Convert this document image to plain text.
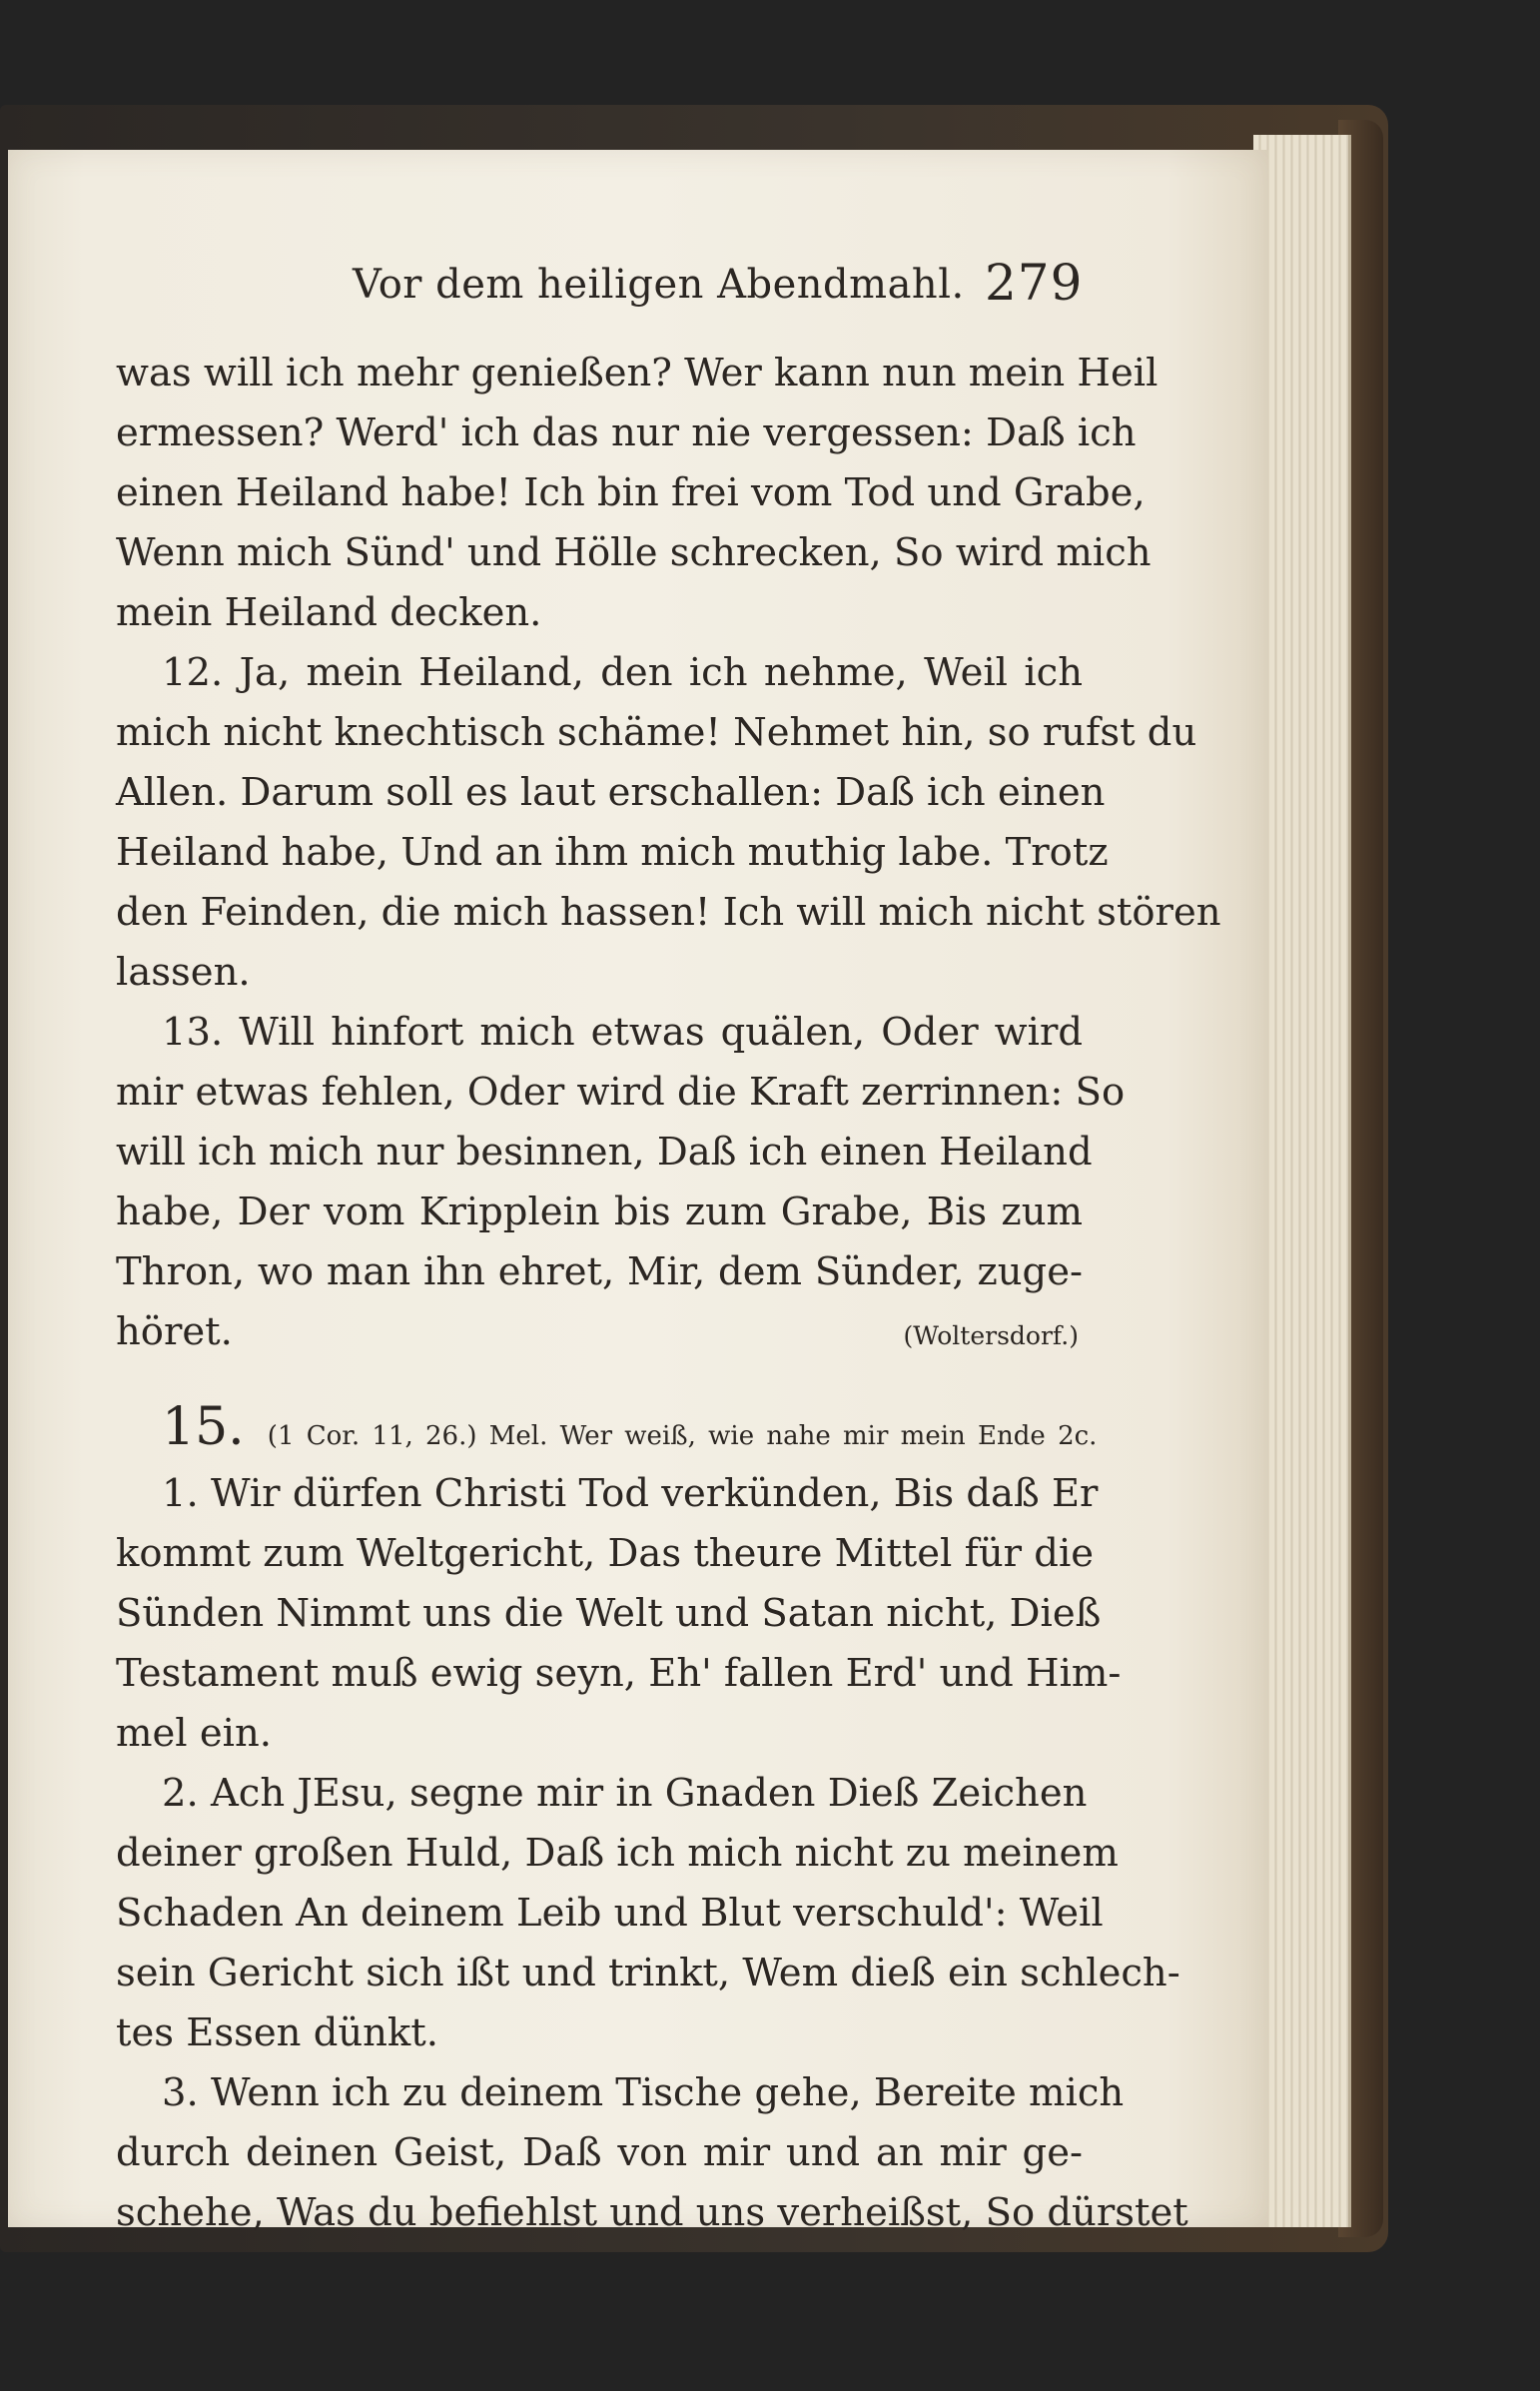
Vor dem heiligen Abendmahl. 279
was will ich mehr genießen? Wer kann nun mein Heil
ermessen? Werd' ich das nur nie vergessen: Daß ich
einen Heiland habe! Ich bin frei vom Tod und Grabe,
Wenn mich Sünd' und Hölle schrecken, So wird mich
mein Heiland decken.
12. Ja, mein Heiland, den ich nehme, Weil ich
mich nicht knechtisch schäme! Nehmet hin, so rufst du
Allen. Darum soll es laut erschallen: Daß ich einen
Heiland habe, Und an ihm mich muthig labe. Trotz
den Feinden, die mich hassen! Ich will mich nicht stören
lassen.
13. Will hinfort mich etwas quälen, Oder wird
mir etwas fehlen, Oder wird die Kraft zerrinnen: So
will ich mich nur besinnen, Daß ich einen Heiland
habe, Der vom Kripplein bis zum Grabe, Bis zum
Thron, wo man ihn ehret, Mir, dem Sünder, zuge-
höret.	(Woltersdorf.)
15. (1 Cor. 11, 26.) Mel. Wer weiß, wie nahe mir mein Ende 2c.
1. Wir dürfen Christi Tod verkünden, Bis daß Er
kommt zum Weltgericht, Das theure Mittel für die
Sünden Nimmt uns die Welt und Satan nicht, Dieß
Testament muß ewig seyn, Eh' fallen Erd' und Him-
mel ein.
2. Ach JEsu, segne mir in Gnaden Dieß Zeichen
deiner großen Huld, Daß ich mich nicht zu meinem
Schaden An deinem Leib und Blut verschuld': Weil
sein Gericht sich ißt und trinkt, Wem dieß ein schlech-
tes Essen dünkt.
3. Wenn ich zu deinem Tische gehe, Bereite mich
durch deinen Geist, Daß von mir und an mir ge-
schehe, Was du befiehlst und uns verheißst, So dürstet
